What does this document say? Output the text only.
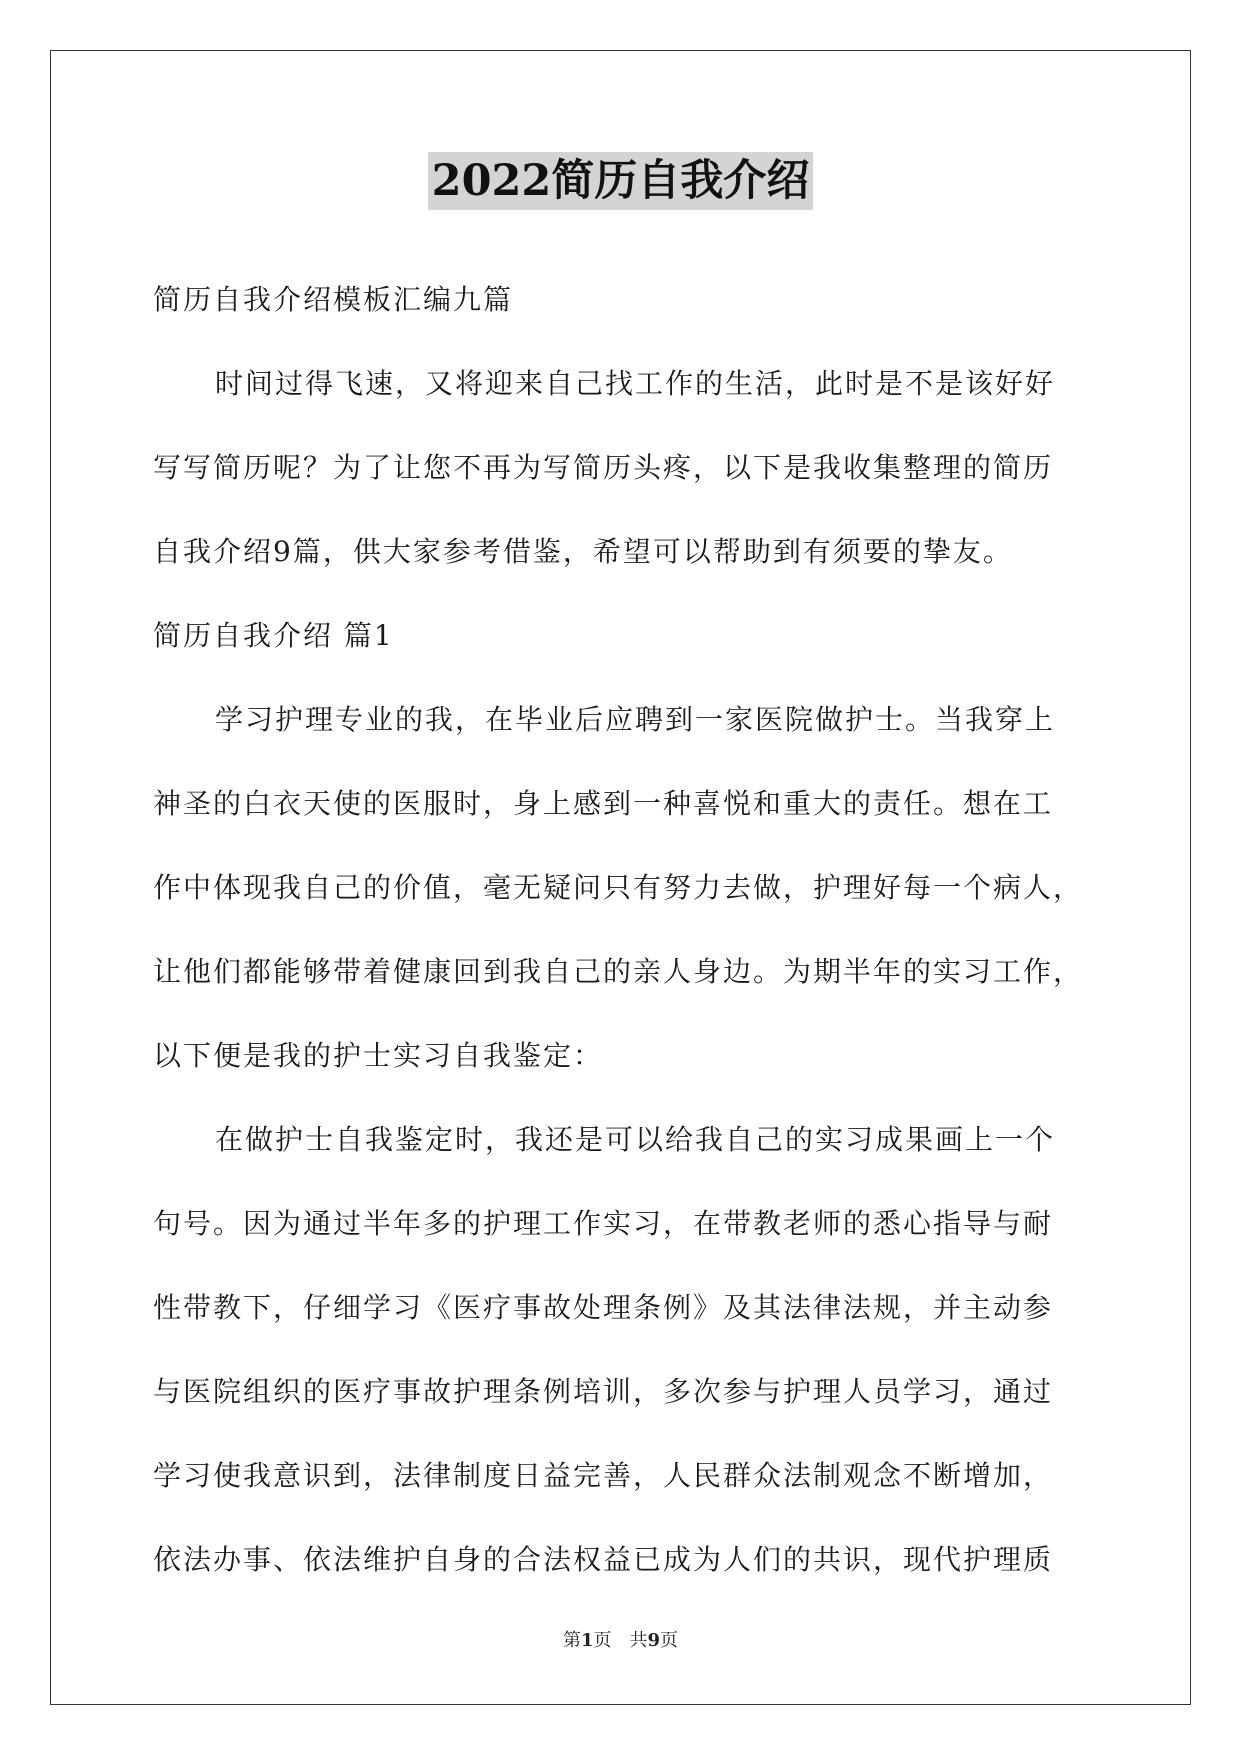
2022简历自我介绍
简历自我介绍模板汇编九篇
时间过得飞速，又将迎来自己找工作的生活，此时是不是该好好
写写简历呢？为了让您不再为写简历头疼，以下是我收集整理的简历
自我介绍9篇，供大家参考借鉴，希望可以帮助到有须要的挚友。
简历自我介绍 篇1
学习护理专业的我，在毕业后应聘到一家医院做护士。当我穿上
神圣的白衣天使的医服时，身上感到一种喜悦和重大的责任。想在工
作中体现我自己的价值，毫无疑问只有努力去做，护理好每一个病人，
让他们都能够带着健康回到我自己的亲人身边。为期半年的实习工作，
以下便是我的护士实习自我鉴定：
在做护士自我鉴定时，我还是可以给我自己的实习成果画上一个
句号。因为通过半年多的护理工作实习，在带教老师的悉心指导与耐
性带教下，仔细学习《医疗事故处理条例》及其法律法规，并主动参
与医院组织的医疗事故护理条例培训，多次参与护理人员学习，通过
学习使我意识到，法律制度日益完善，人民群众法制观念不断增加，
依法办事、依法维护自身的合法权益已成为人们的共识，现代护理质
第1页　共9页
